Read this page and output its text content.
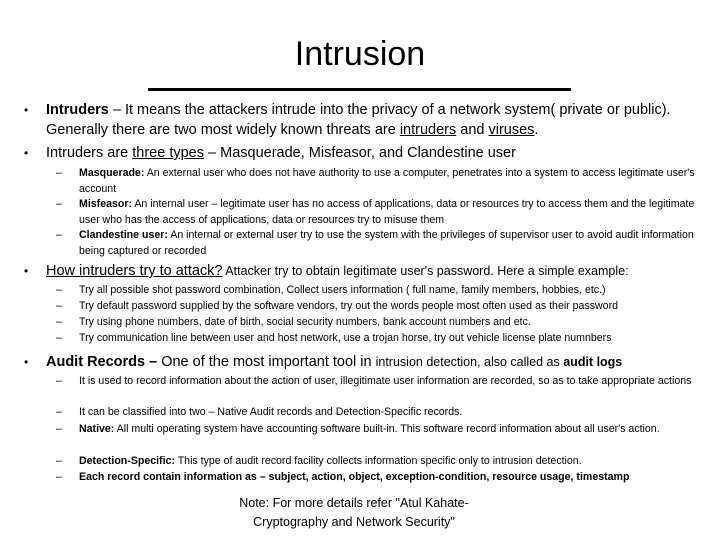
Intrusion
• Intruders – It means the attackers intrude into the privacy of a network system( private or public). Generally there are two most widely known threats are intruders and viruses.
• Intruders are three types – Masquerade, Misfeasor, and Clandestine user
– Masquerade: An external user who does not have authority to use a computer, penetrates into a system to access legitimate user's account
– Misfeasor: An internal user – legitimate user has no access of applications, data or resources try to access them and the legitimate user who has the access of applications, data or resources try to misuse them
– Clandestine user: An internal or external user try to use the system with the privileges of supervisor user to avoid audit information being captured or recorded
• How intruders try to attack? Attacker try to obtain legitimate user's password. Here a simple example:
– Try all possible shot password combination, Collect users information ( full name, family members, hobbies, etc.)
– Try default password supplied by the software vendors, try out the words people most often used as their password
– Try using phone numbers, date of birth, social security numbers, bank account numbers and etc.
– Try communication line between user and host network, use a trojan horse, try out vehicle license plate numnbers
• Audit Records – One of the most important tool in intrusion detection, also called as audit logs
– It is used to record information about the action of user, illegitimate user information are recorded, so as to take appropriate actions
– It can be classified into two – Native Audit records and Detection-Specific records.
– Native: All multi operating system have accounting software built-in. This software record information about all user's action.
– Detection-Specific: This type of audit record facility collects information specific only to intrusion detection.
– Each record contain information as – subject, action, object, exception-condition, resource usage, timestamp
Note: For more details refer "Atul Kahate-Cryptography and Network Security"
